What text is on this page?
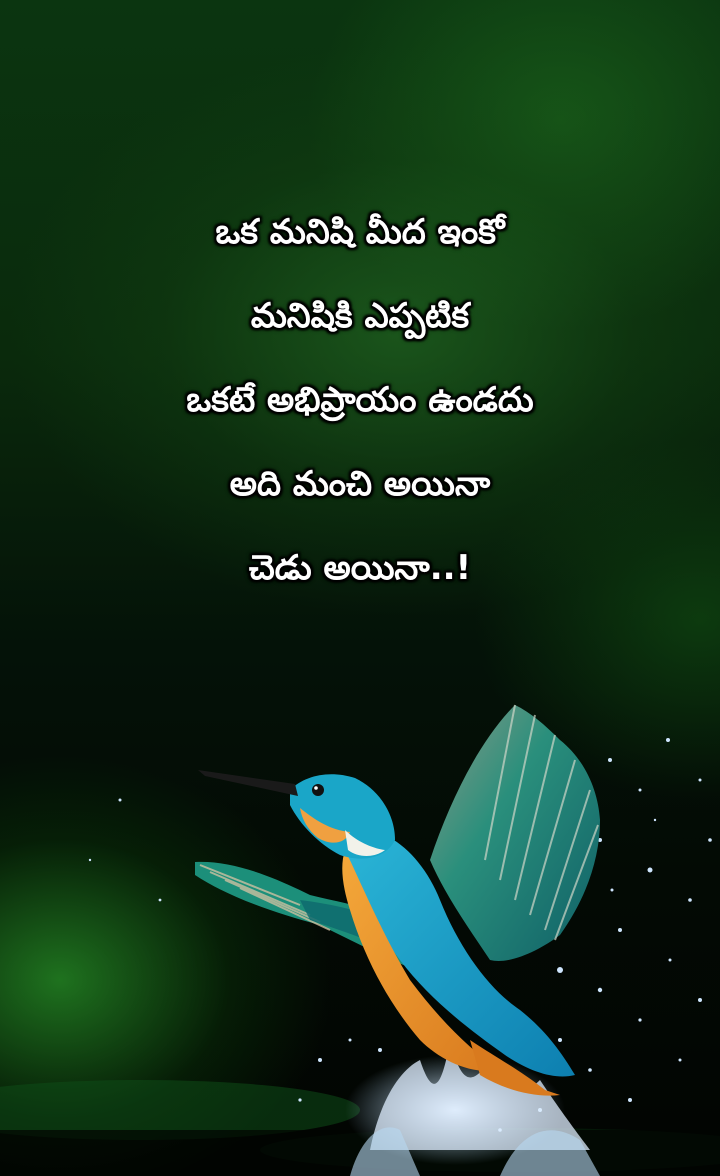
ఒక మనిషి మీద ఇంకో
మనిషికి ఎప్పటిక
ఒకటే అభిప్రాయం ఉండదు
అది మంచి అయినా
చెడు అయినా..!
